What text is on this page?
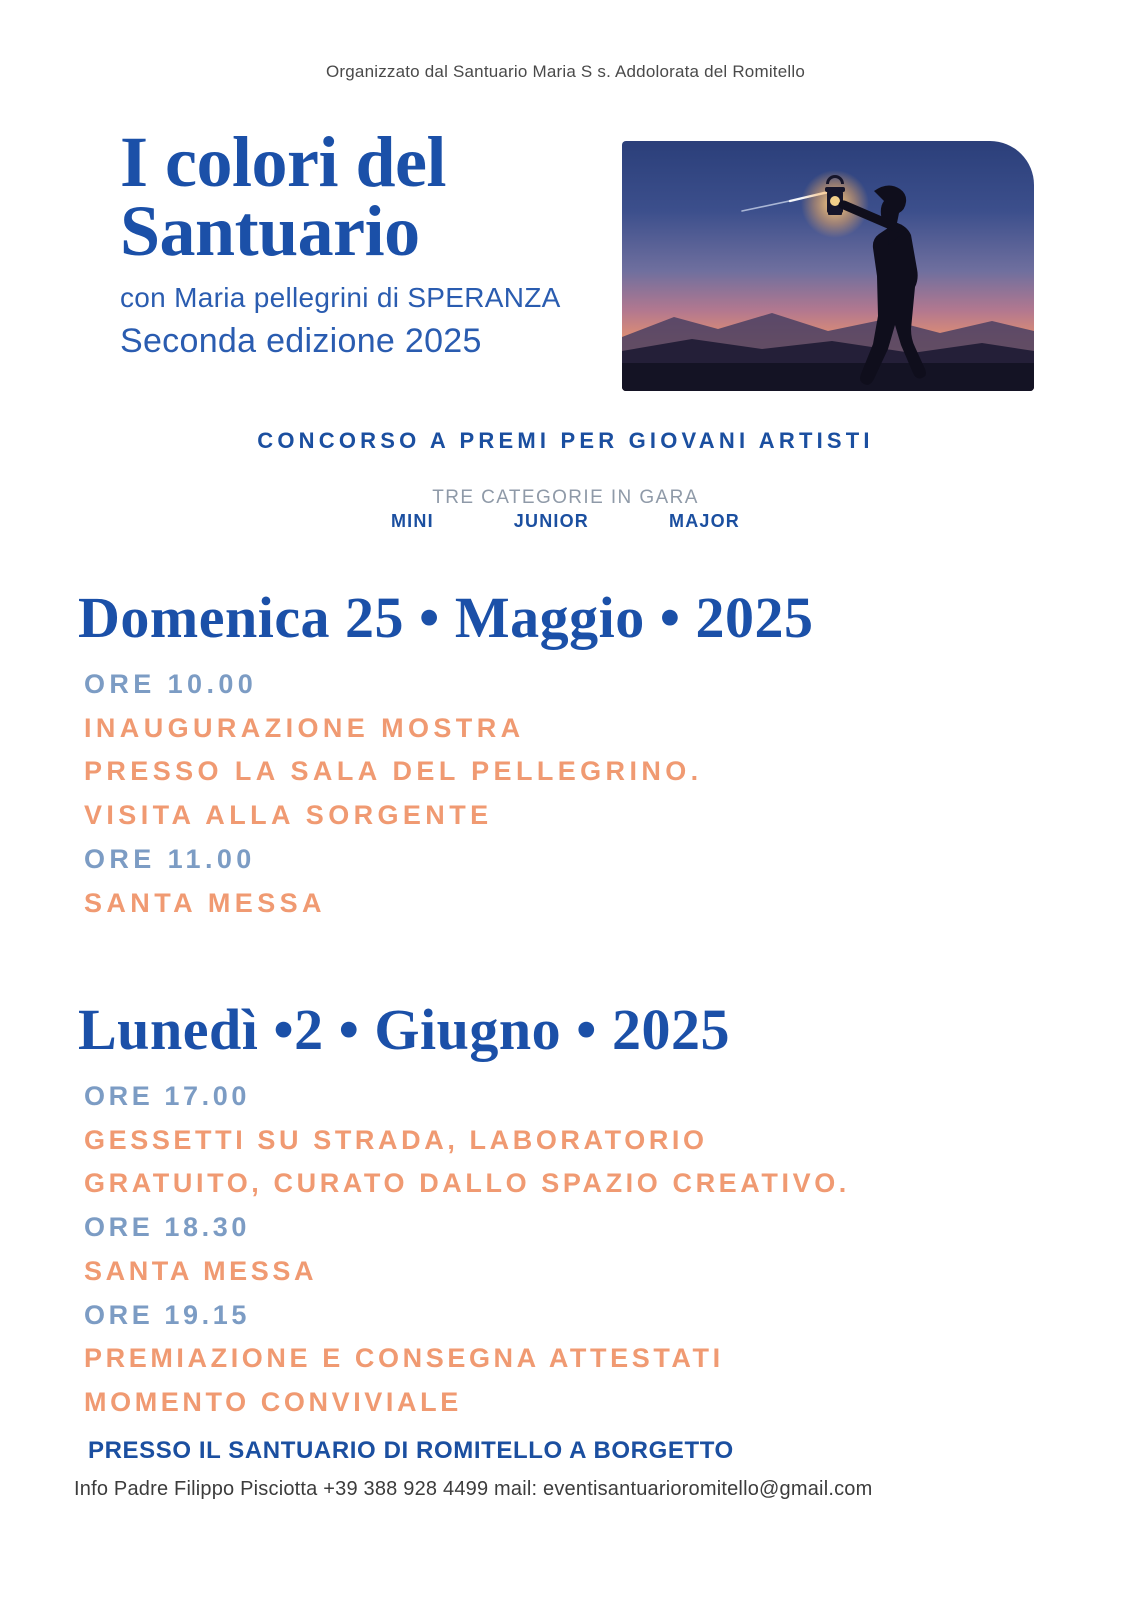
Organizzato dal Santuario Maria S s. Addolorata del Romitello
I colori del
Santuario
con Maria pellegrini di SPERANZA
Seconda edizione 2025
CONCORSO A PREMI PER GIOVANI ARTISTI
TRE CATEGORIE IN GARA
MINI	JUNIOR	MAJOR
Domenica 25 • Maggio • 2025
ORE 10.00
INAUGURAZIONE MOSTRA
PRESSO LA SALA DEL PELLEGRINO.
VISITA ALLA SORGENTE
ORE 11.00
SANTA MESSA
Lunedì •2 • Giugno • 2025
ORE 17.00
GESSETTI SU STRADA, LABORATORIO
GRATUITO, CURATO DALLO SPAZIO CREATIVO.
ORE 18.30
SANTA MESSA
ORE 19.15
PREMIAZIONE E CONSEGNA ATTESTATI
MOMENTO CONVIVIALE
PRESSO IL SANTUARIO DI ROMITELLO A BORGETTO
Info Padre Filippo Pisciotta +39 388 928 4499 mail: eventisantuarioromitello@gmail.com
